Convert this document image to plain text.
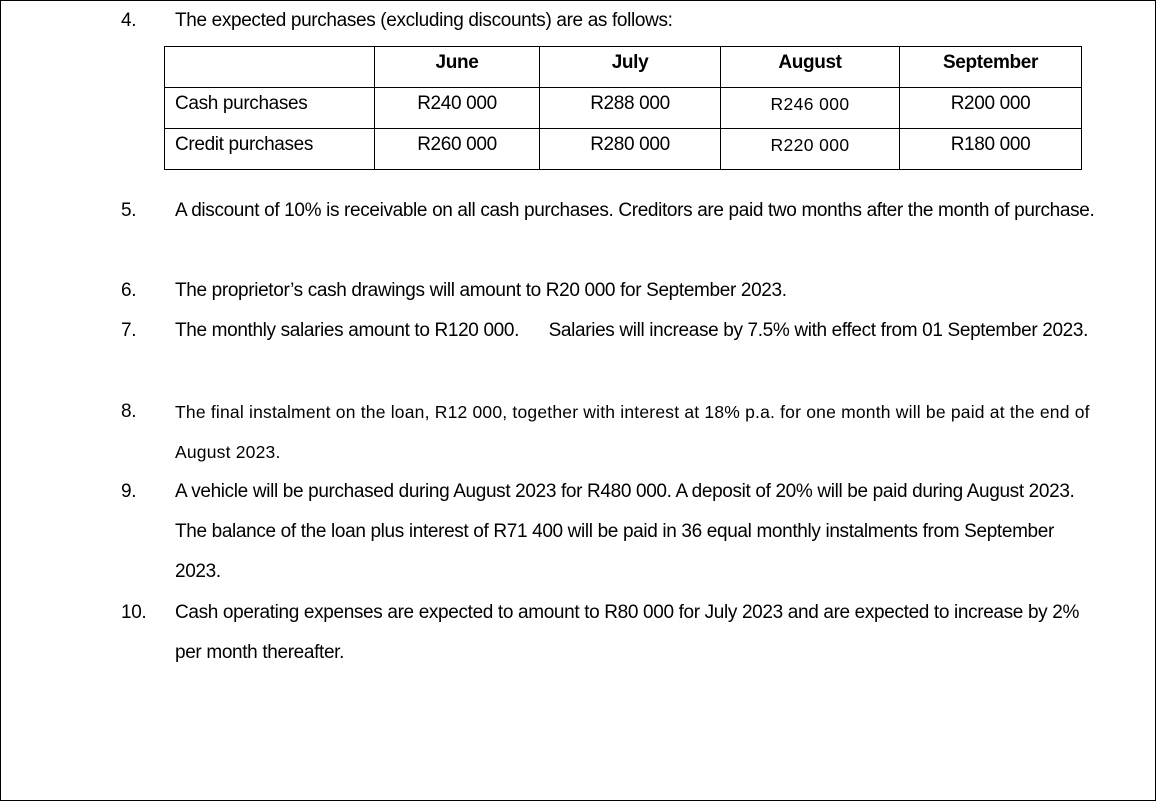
4.	The expected purchases (excluding discounts) are as follows:
	June	July	August	September
Cash purchases	R240 000	R288 000	R246 000	R200 000
Credit purchases	R260 000	R280 000	R220 000	R180 000
5.	A discount of 10% is receivable on all cash purchases. Creditors are paid two months after the month of purchase.
6.	The proprietor’s cash drawings will amount to R20 000 for September 2023.
7.	The monthly salaries amount to R120 000.      Salaries will increase by 7.5% with effect from 01 September 2023.
8.	The final instalment on the loan, R12 000, together with interest at 18% p.a. for one month will be paid at the end of August 2023.
9.	A vehicle will be purchased during August 2023 for R480 000. A deposit of 20% will be paid during August 2023. The balance of the loan plus interest of R71 400 will be paid in 36 equal monthly instalments from September 2023.
10.	Cash operating expenses are expected to amount to R80 000 for July 2023 and are expected to increase by 2% per month thereafter.
